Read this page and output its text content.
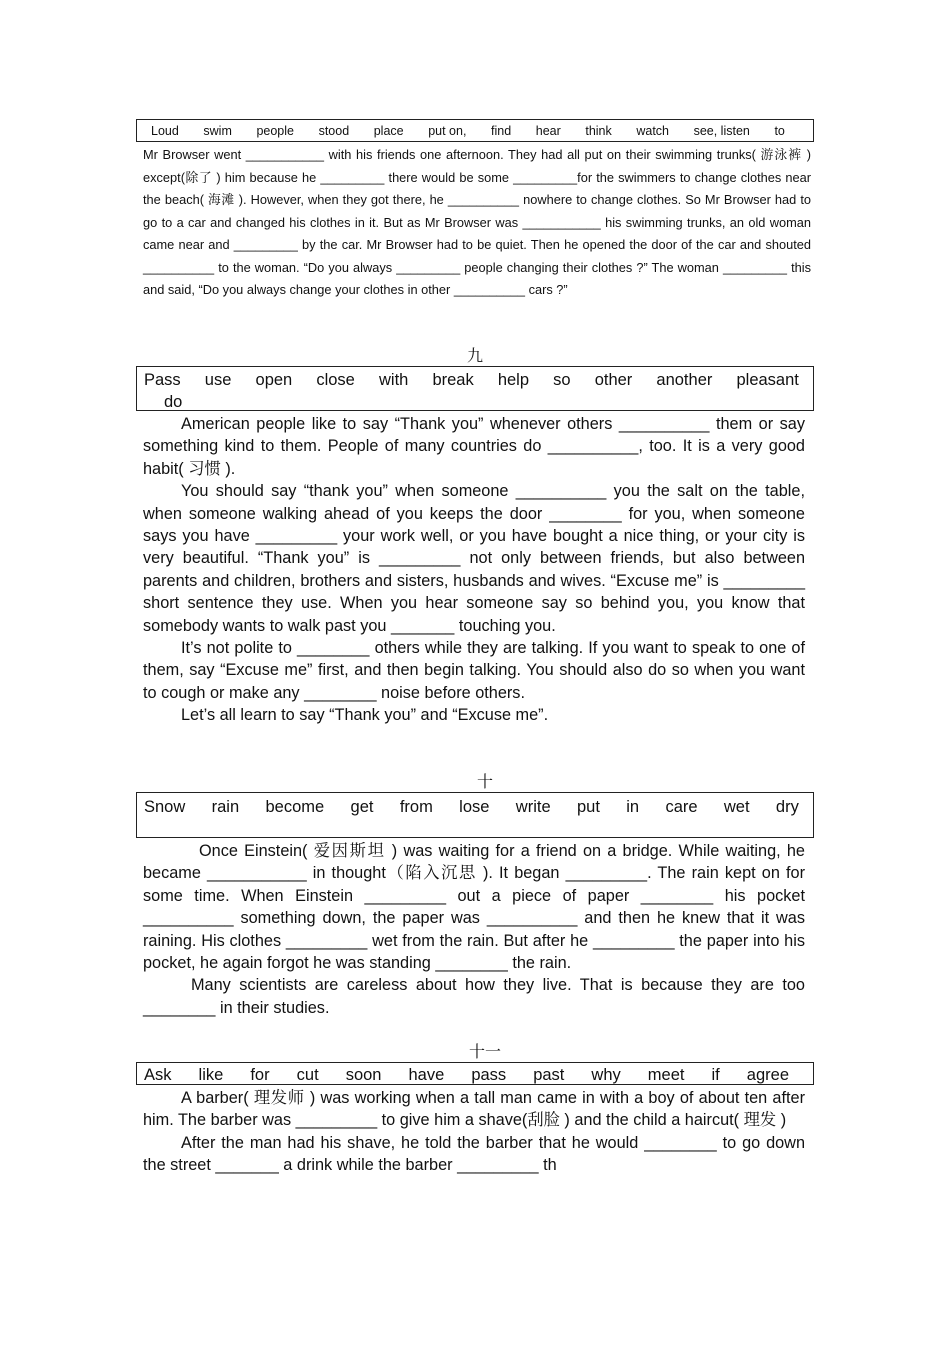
Loud swim people stood place put on, find hear think watch see, listen to

Mr Browser went ___________ with his friends one afternoon. They had all put on their swimming trunks( 游泳裤 ) except(除了 ) him because he _________ there would be some _________for the swimmers to change clothes near the beach( 海滩 ). However, when they got there, he __________ nowhere to change clothes. So Mr Browser had to go to a car and changed his clothes in it. But as Mr Browser was ___________ his swimming trunks, an old woman came near and _________ by the car. Mr Browser had to be quiet. Then he opened the door of the car and shouted __________ to the woman. “Do you always _________ people changing their clothes ?” The woman _________ this and said, “Do you always change your clothes in other __________ cars ?”

九
Pass use open close with break help so other another pleasant
do

American people like to say “Thank you” whenever others __________ them or say something kind to them. People of many countries do __________, too. It is a very good habit( 习惯 ).

You should say “thank you” when someone __________ you the salt on the table, when someone walking ahead of you keeps the door ________ for you, when someone says you have _________ your work well, or you have bought a nice thing, or your city is very beautiful. “Thank you” is _________ not only between friends, but also between parents and children, brothers and sisters, husbands and wives. “Excuse me” is _________ short sentence they use. When you hear someone say so behind you, you know that somebody wants to walk past you _______ touching you.

It’s not polite to ________ others while they are talking. If you want to speak to one of them, say “Excuse me” first, and then begin talking. You should also do so when you want to cough or make any ________ noise before others.

Let’s all learn to say “Thank you” and “Excuse me”.

十
Snow rain become get from lose write put in care wet dry

Once Einstein( 爱因斯坦 ) was waiting for a friend on a bridge. While waiting, he became ___________ in thought（陷入沉思 ). It began _________. The rain kept on for some time. When Einstein _________ out a piece of paper ________ his pocket __________ something down, the paper was __________ and then he knew that it was raining. His clothes _________ wet from the rain. But after he _________ the paper into his pocket, he again forgot he was standing ________ the rain.

Many scientists are careless about how they live. That is because they are too ________ in their studies.

十一
Ask like for cut soon have pass past why meet if agree

A barber( 理发师 ) was working when a tall man came in with a boy of about ten after him. The barber was _________ to give him a shave(刮脸 ) and the child a haircut( 理发 )

After the man had his shave, he told the barber that he would ________ to go down the street _______ a drink while the barber _________ th
